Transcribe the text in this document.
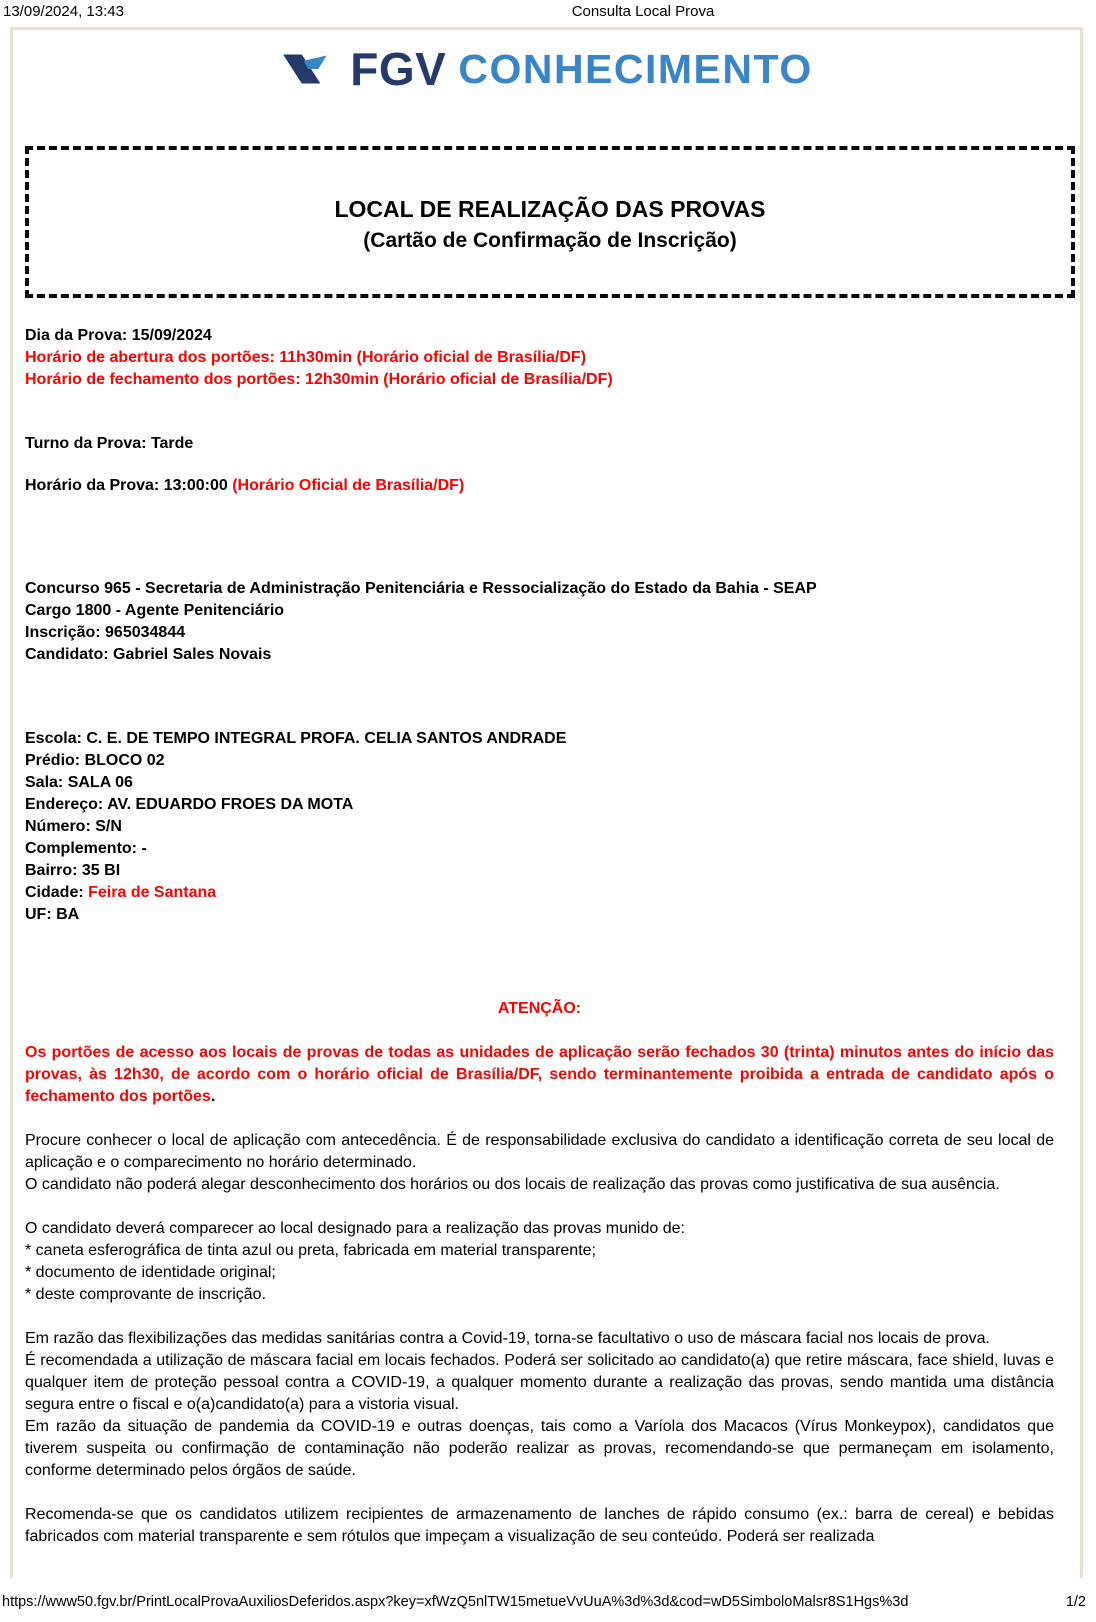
13/09/2024, 13:43	Consulta Local Prova
FGV CONHECIMENTO
LOCAL DE REALIZAÇÃO DAS PROVAS
(Cartão de Confirmação de Inscrição)
Dia da Prova: 15/09/2024
Horário de abertura dos portões: 11h30min (Horário oficial de Brasília/DF)
Horário de fechamento dos portões: 12h30min (Horário oficial de Brasília/DF)
Turno da Prova: Tarde
Horário da Prova: 13:00:00 (Horário Oficial de Brasília/DF)
Concurso 965 - Secretaria de Administração Penitenciária e Ressocialização do Estado da Bahia - SEAP
Cargo 1800 - Agente Penitenciário
Inscrição: 965034844
Candidato: Gabriel Sales Novais
Escola: C. E. DE TEMPO INTEGRAL PROFA. CELIA SANTOS ANDRADE
Prédio: BLOCO 02
Sala: SALA 06
Endereço: AV. EDUARDO FROES DA MOTA
Número: S/N
Complemento: -
Bairro: 35 BI
Cidade: Feira de Santana
UF: BA
ATENÇÃO:
Os portões de acesso aos locais de provas de todas as unidades de aplicação serão fechados 30 (trinta) minutos antes do início das provas, às 12h30, de acordo com o horário oficial de Brasília/DF, sendo terminantemente proibida a entrada de candidato após o fechamento dos portões.
Procure conhecer o local de aplicação com antecedência. É de responsabilidade exclusiva do candidato a identificação correta de seu local de aplicação e o comparecimento no horário determinado.
O candidato não poderá alegar desconhecimento dos horários ou dos locais de realização das provas como justificativa de sua ausência.
O candidato deverá comparecer ao local designado para a realização das provas munido de:
* caneta esferográfica de tinta azul ou preta, fabricada em material transparente;
* documento de identidade original;
* deste comprovante de inscrição.
Em razão das flexibilizações das medidas sanitárias contra a Covid-19, torna-se facultativo o uso de máscara facial nos locais de prova.
É recomendada a utilização de máscara facial em locais fechados. Poderá ser solicitado ao candidato(a) que retire máscara, face shield, luvas e qualquer item de proteção pessoal contra a COVID-19, a qualquer momento durante a realização das provas, sendo mantida uma distância segura entre o fiscal e o(a)candidato(a) para a vistoria visual.
Em razão da situação de pandemia da COVID-19 e outras doenças, tais como a Varíola dos Macacos (Vírus Monkeypox), candidatos que tiverem suspeita ou confirmação de contaminação não poderão realizar as provas, recomendando-se que permaneçam em isolamento, conforme determinado pelos órgãos de saúde.
Recomenda-se que os candidatos utilizem recipientes de armazenamento de lanches de rápido consumo (ex.: barra de cereal) e bebidas fabricados com material transparente e sem rótulos que impeçam a visualização de seu conteúdo. Poderá ser realizada
https://www50.fgv.br/PrintLocalProvaAuxiliosDeferidos.aspx?key=xfWzQ5nlTW15metueVvUuA%3d%3d&cod=wD5SimboloMalsr8S1Hgs%3d	1/2
